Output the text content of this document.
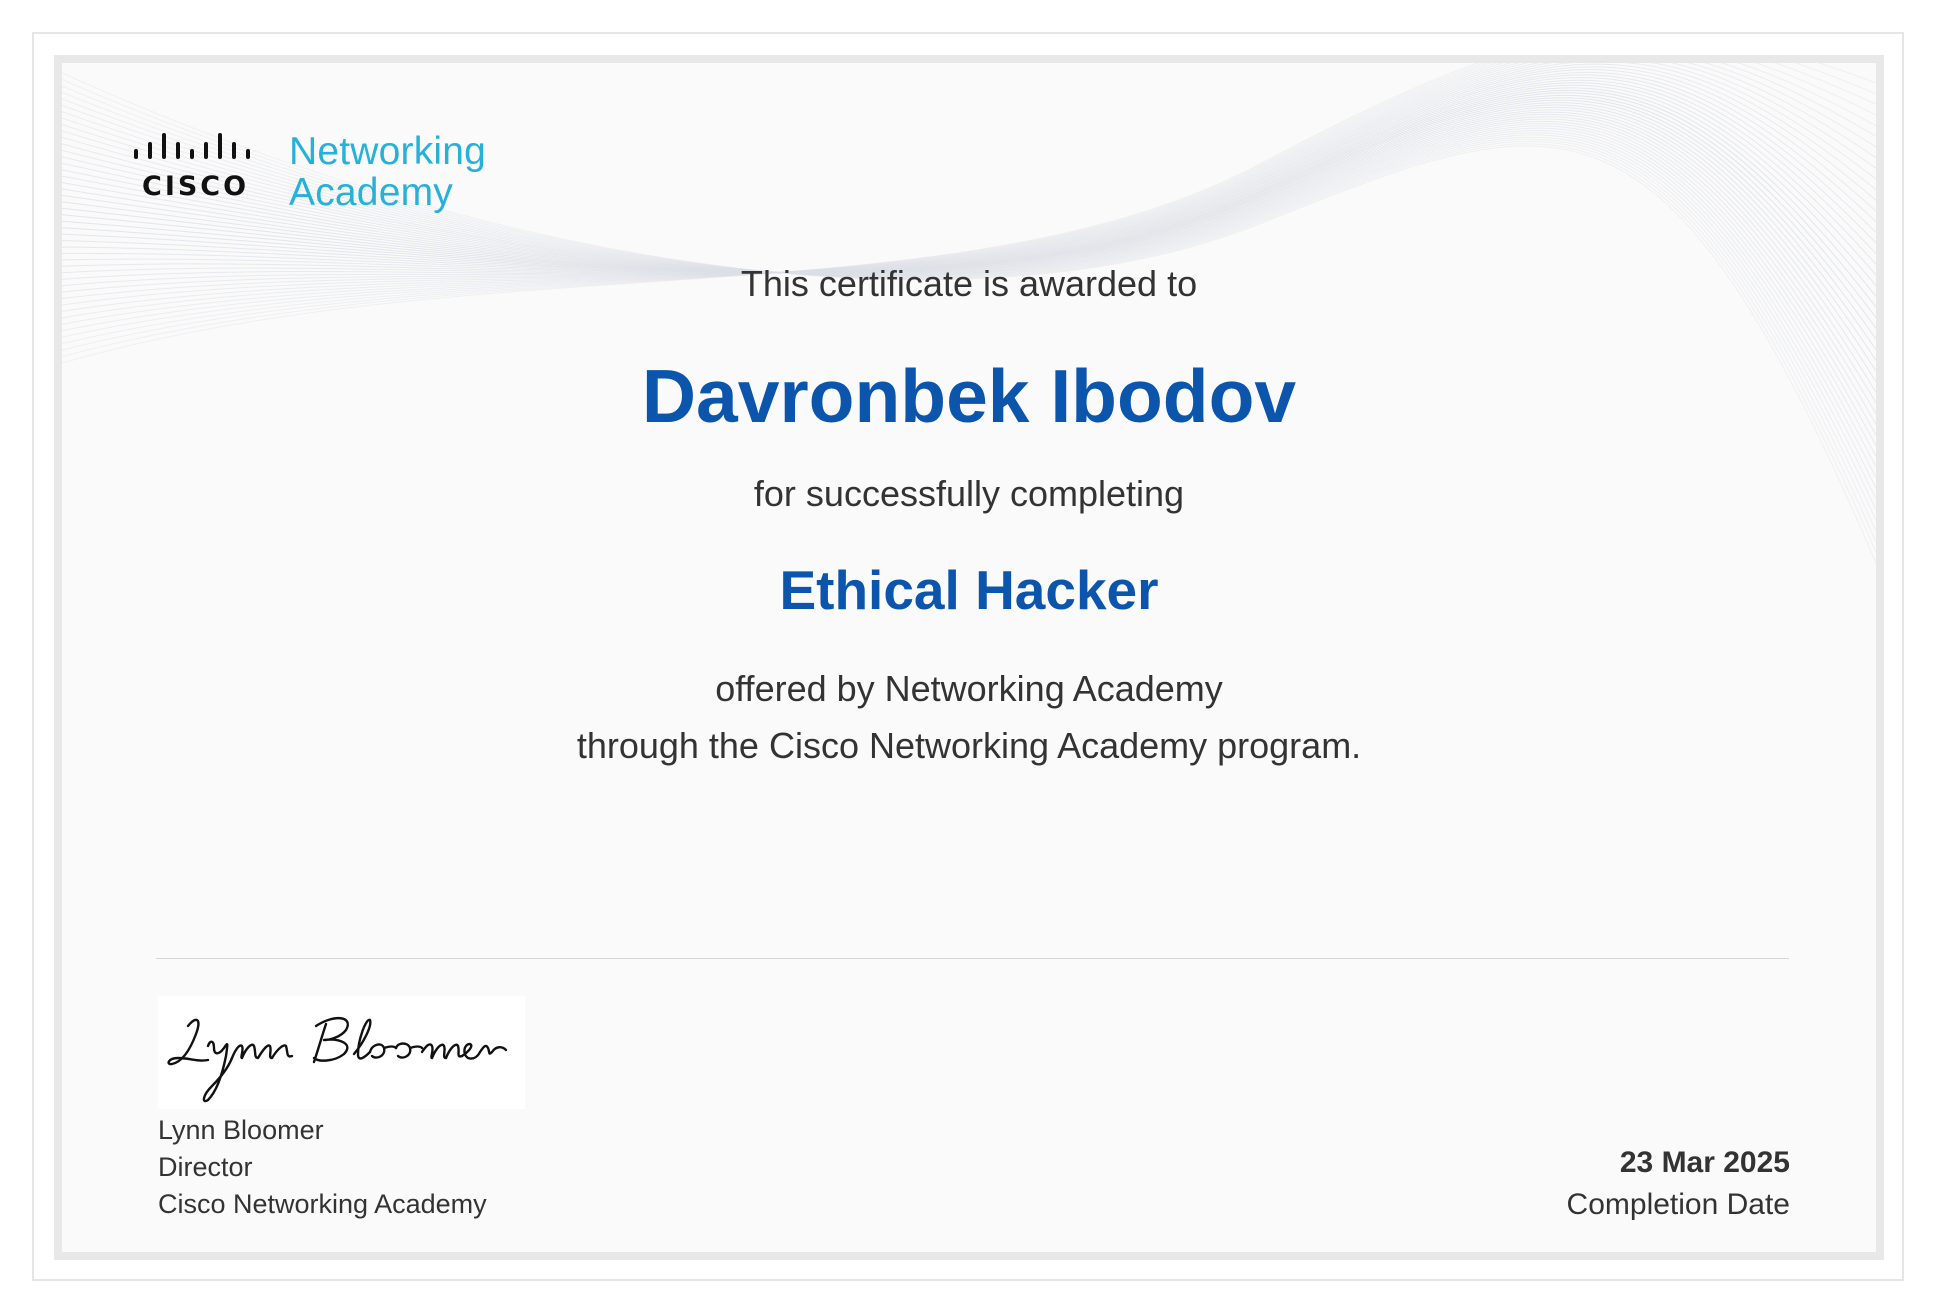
CISCO
Networking
Academy
This certificate is awarded to
Davronbek Ibodov
for successfully completing
Ethical Hacker
offered by Networking Academy
through the Cisco Networking Academy program.
Lynn Bloomer
Director
Cisco Networking Academy
23 Mar 2025
Completion Date
